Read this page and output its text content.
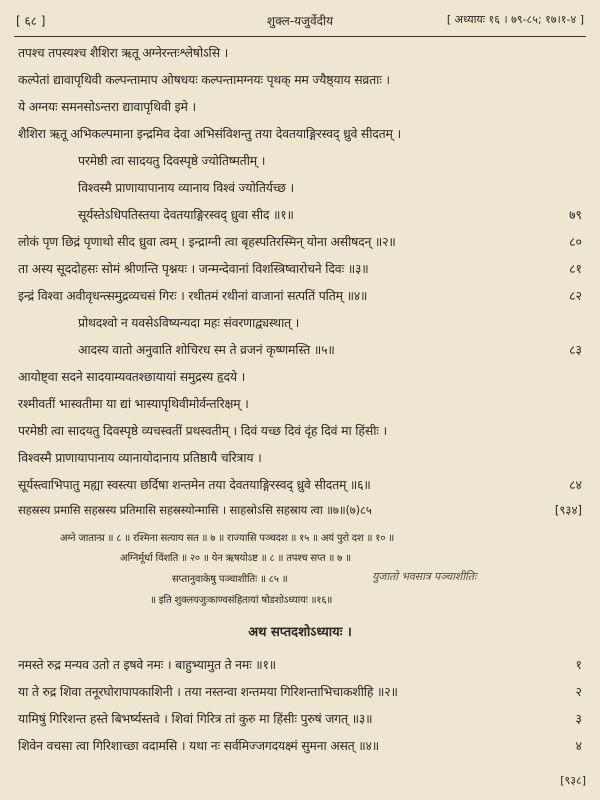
[ ६८ ]	शुक्ल-यजुर्वेदीय	[ अध्यायः १६ । ७९-८५; १७।१-४ ]
तपश्च तपस्यश्च शैशिरा ऋतू अग्नेरन्तःश्लेषोऽसि ।
कल्पेतां द्यावापृथिवी कल्पन्तामाप ओषधयः कल्पन्तामग्नयः पृथक् मम ज्यैष्ठ्याय सव्रताः ।
ये अग्नयः समनसोऽन्तरा द्यावापृथिवी इमे ।
शैशिरा ऋतू अभिकल्पमाना इन्द्रमिव देवा अभिसंविशन्तु तया देवतयाङ्गिरस्वद् ध्रुवे सीदतम् ।
परमेष्ठी त्वा सादयतु दिवस्पृष्ठे ज्योतिष्मतीम् ।
विश्वस्मै प्राणायापानाय व्यानाय विश्वं ज्योतिर्यच्छ ।
सूर्यस्तेऽधिपतिस्तया देवतयाङ्गिरस्वद् ध्रुवा सीद ॥१॥	७९
लोकं पृण छिद्रं पृणाथो सीद ध्रुवा त्वम् । इन्द्राग्नी त्वा बृहस्पतिरस्मिन् योना असीषदन् ॥२॥	८०
ता अस्य सूददोहसः सोमं श्रीणन्ति पृश्नयः । जन्मन्देवानां विशस्त्रिष्वारोचने दिवः ॥३॥	८१
इन्द्रं विश्वा अवीवृधन्त्समुद्रव्यचसं गिरः । रथीतमं रथीनां वाजानां सत्पतिं पतिम् ॥४॥	८२
प्रोथदश्वो न यवसेऽविष्यन्यदा महः संवरणाद्व्यस्थात् ।
आदस्य वातो अनुवाति शोचिरध स्म ते व्रजनं कृष्णमस्ति ॥५॥	८३
आयोष्ट्वा सदने सादयाम्यवतश्छायायां समुद्रस्य हृदये ।
रश्मीवतीं भास्वतीमा या द्यां भास्यापृथिवीमोर्वन्तरिक्षम् ।
परमेष्ठी त्वा सादयतु दिवस्पृष्ठे व्यचस्वतीं प्रथस्वतीम् । दिवं यच्छ दिवं दृंह दिवं मा हिंसीः ।
विश्वस्मै प्राणायापानाय व्यानायोदानाय प्रतिष्ठायै चरित्राय ।
सूर्यस्त्वाभिपातु मह्या स्वस्त्या छर्दिषा शन्तमेन तया देवतयाङ्गिरस्वद् ध्रुवे सीदतम् ॥६॥	८४
सहस्रस्य प्रमासि सहस्रस्य प्रतिमासि सहस्रस्योन्मासि । साहस्रोऽसि सहस्राय त्वा ॥७॥(७)८५	[९३४]
अग्ने जातान्प्र ॥ ८ ॥ रश्मिना सत्याय सत ॥ ७ ॥ राज्यासि पञ्चदश ॥ १५ ॥ अयं पुरो दश ॥ १० ॥
अग्निर्मूर्धा विंशति ॥ २० ॥ येन ऋषयोऽष्ट ॥ ८ ॥ तपश्च सप्त ॥ ७ ॥
सप्तानुवाकेषु पञ्चाशीतिः ॥ ८५ ॥	युजातो भवसात्र पञ्चाशीतिः
॥ इति शुक्लयजुःकाण्वसंहितायां षोडशोऽध्यायः ॥१६॥
अथ सप्तदशोऽध्यायः ।
नमस्ते रुद्र मन्यव उतो त इषवे नमः । बाहुभ्यामुत ते नमः ॥१॥	१
या ते रुद्र शिवा तनूरघोरापापकाशिनी । तया नस्तन्वा शन्तमया गिरिशन्ताभिचाकशीहि ॥२॥	२
यामिषुं गिरिशन्त हस्ते बिभर्ष्यस्तवे । शिवां गिरित्र तां कुरु मा हिंसीः पुरुषं जगत् ॥३॥	३
शिवेन वचसा त्वा गिरिशाच्छा वदामसि । यथा नः सर्वमिज्जगदयक्ष्मं सुमना असत् ॥४॥	४
[९३८]
